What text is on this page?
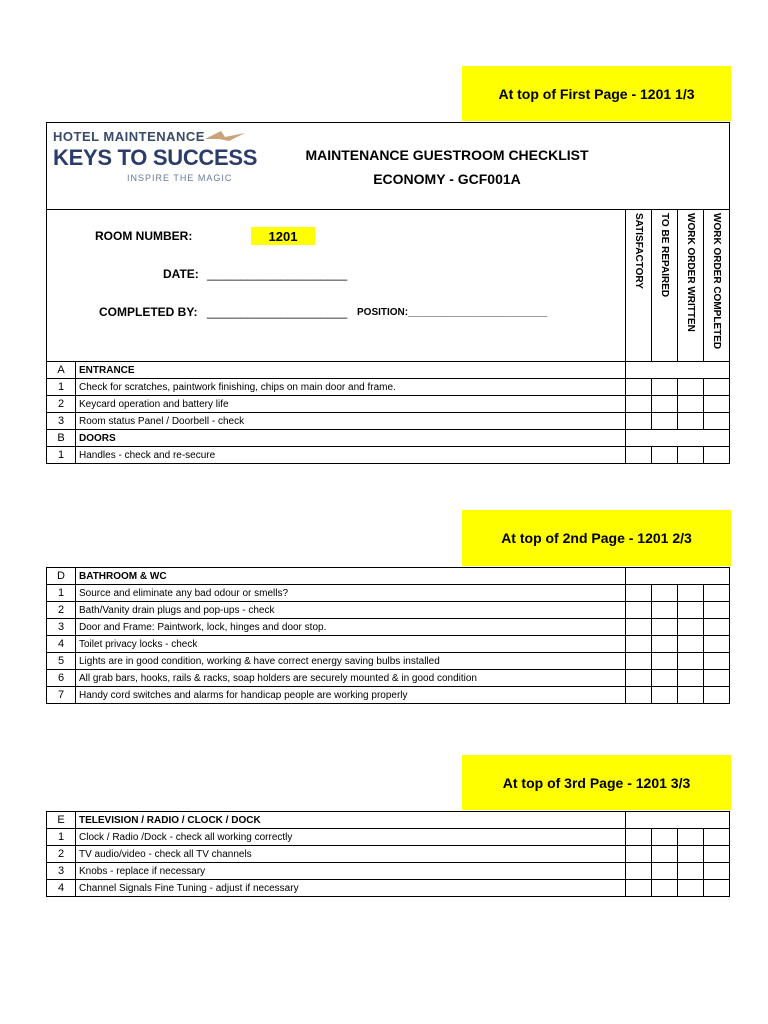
At top of First Page - 1201 1/3
At top of 2nd Page - 1201 2/3
At top of 3rd Page - 1201 3/3
HOTEL MAINTENANCE
KEYS TO SUCCESS
INSPIRE THE MAGIC
MAINTENANCE GUESTROOM CHECKLIST
ECONOMY - GCF001A
ROOM NUMBER:	1201
DATE: _____________________
COMPLETED BY: _____________________ POSITION:_________________________
SATISFACTORY TO BE REPAIRED WORK ORDER WRITTEN WORK ORDER COMPLETED
A	ENTRANCE				
1	Check for scratches, paintwork finishing, chips on main door and frame.				
2	Keycard operation and battery life				
3	Room status Panel / Doorbell - check				
B	DOORS				
1	Handles - check and re-secure				
D	BATHROOM & WC				
1	Source and eliminate any bad odour or smells?				
2	Bath/Vanity drain plugs and pop-ups - check				
3	Door and Frame: Paintwork, lock, hinges and door stop.				
4	Toilet privacy locks - check				
5	Lights are in good condition, working & have correct energy saving bulbs installed				
6	All grab bars, hooks, rails & racks, soap holders are securely mounted & in good condition				
7	Handy cord switches and alarms for handicap people are working properly				
E	TELEVISION / RADIO / CLOCK / DOCK				
1	Clock / Radio /Dock - check all working correctly				
2	TV audio/video - check all TV channels				
3	Knobs - replace if necessary				
4	Channel Signals Fine Tuning - adjust if necessary				
